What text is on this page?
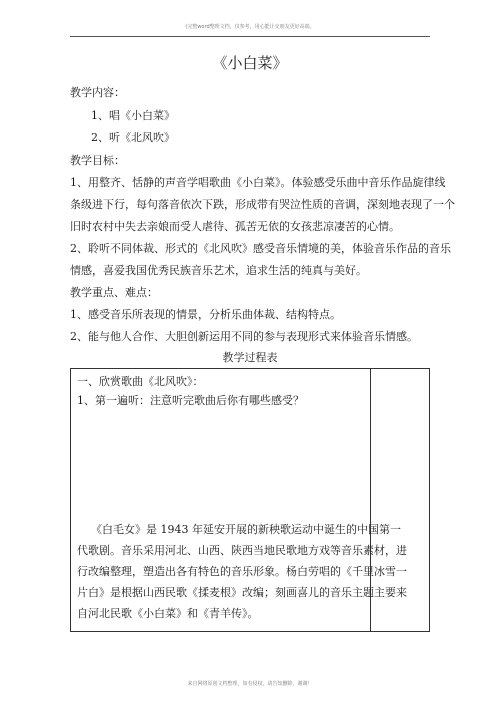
(完整word整理文档，仅参考，用心能让交朋友更好高端。
《小白菜》
教学内容：
1、唱《小白菜》
2、听《北风吹》
教学目标：
1、用整齐、恬静的声音学唱歌曲《小白菜》。体验感受乐曲中音乐作品旋律线
条级进下行，每句落音依次下跌，形成带有哭泣性质的音调，深刻地表现了一个
旧时农村中失去亲娘而受人虐待、孤苦无依的女孩悲凉凄苦的心情。
2、聆听不同体裁、形式的《北风吹》感受音乐情境的美，体验音乐作品的音乐
情感，喜爱我国优秀民族音乐艺术，追求生活的纯真与美好。
教学重点、难点：
1、感受音乐所表现的情景，分析乐曲体裁、结构特点。
2、能与他人合作、大胆创新运用不同的参与表现形式来体验音乐情感。
教学过程表
一、欣赏歌曲《北风吹》：
1、第一遍听：注意听完歌曲后你有哪些感受？
《白毛女》是 1943 年延安开展的新秧歌运动中诞生的中国第一
代歌剧。音乐采用河北、山西、陕西当地民歌地方戏等音乐素材，进
行改编整理，塑造出各有特色的音乐形象。杨白劳唱的《千里冰雪一
片白》是根据山西民歌《揉麦根》改编；刻画喜儿的音乐主题主要来
自河北民歌《小白菜》和《青羊传》。
来自网络原创文档整理，如有侵权，请告知删除，谢谢！
